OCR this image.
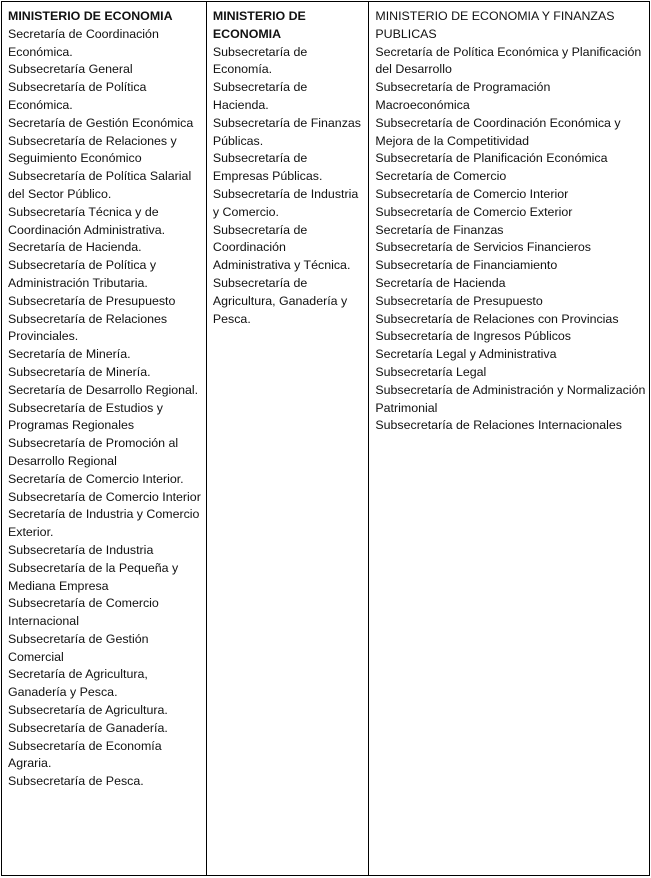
MINISTERIO DE ECONOMIA
Secretaría de Coordinación Económica.
Subsecretaría General
Subsecretaría de Política Económica.
Secretaría de Gestión Económica
Subsecretaría de Relaciones y Seguimiento Económico
Subsecretaría de Política Salarial del Sector Público.
Subsecretaría Técnica y de Coordinación Administrativa.
Secretaría de Hacienda.
Subsecretaría de Política y Administración Tributaria.
Subsecretaría de Presupuesto
Subsecretaría de Relaciones Provinciales.
Secretaría de Minería.
Subsecretaría de Minería.
Secretaría de Desarrollo Regional.
Subsecretaría de Estudios y Programas Regionales
Subsecretaría de Promoción al Desarrollo Regional
Secretaría de Comercio Interior.
Subsecretaría de Comercio Interior
Secretaría de Industria y Comercio Exterior.
Subsecretaría de Industria
Subsecretaría de la Pequeña y Mediana Empresa
Subsecretaría de Comercio Internacional
Subsecretaría de Gestión Comercial
Secretaría de Agricultura, Ganadería y Pesca.
Subsecretaría de Agricultura.
Subsecretaría de Ganadería.
Subsecretaría de Economía Agraria.
Subsecretaría de Pesca.

MINISTERIO DE ECONOMIA
Subsecretaría de Economía.
Subsecretaría de Hacienda.
Subsecretaría de Finanzas Públicas.
Subsecretaría de Empresas Públicas.
Subsecretaría de Industria y Comercio.
Subsecretaría de Coordinación Administrativa y Técnica.
Subsecretaría de Agricultura, Ganadería y Pesca.

MINISTERIO DE ECONOMIA Y FINANZAS PUBLICAS
Secretaría de Política Económica y Planificación del Desarrollo
Subsecretaría de Programación Macroeconómica
Subsecretaría de Coordinación Económica y Mejora de la Competitividad
Subsecretaría de Planificación Económica
Secretaría de Comercio
Subsecretaría de Comercio Interior
Subsecretaría de Comercio Exterior
Secretaría de Finanzas
Subsecretaría de Servicios Financieros
Subsecretaría de Financiamiento
Secretaría de Hacienda
Subsecretaría de Presupuesto
Subsecretaría de Relaciones con Provincias
Subsecretaría de Ingresos Públicos
Secretaría Legal y Administrativa
Subsecretaría Legal
Subsecretaría de Administración y Normalización Patrimonial
Subsecretaría de Relaciones Internacionales
